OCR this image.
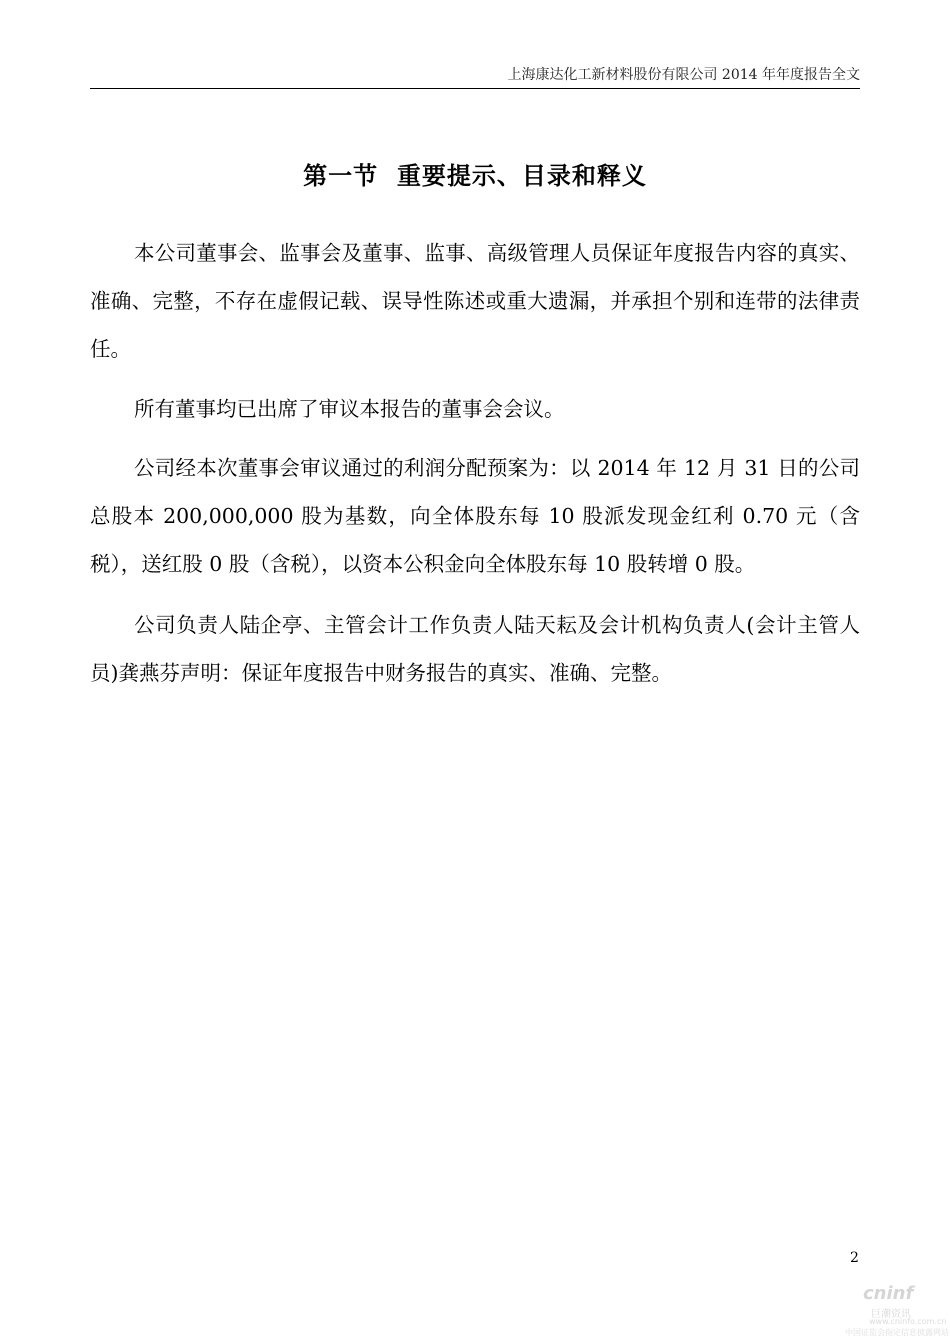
上海康达化工新材料股份有限公司 2014 年年度报告全文
第一节  重要提示、目录和释义

本公司董事会、监事会及董事、监事、高级管理人员保证年度报告内容的真实、准确、完整，不存在虚假记载、误导性陈述或重大遗漏，并承担个别和连带的法律责任。

所有董事均已出席了审议本报告的董事会会议。

公司经本次董事会审议通过的利润分配预案为：以 2014 年 12 月 31 日的公司总股本 200,000,000 股为基数，向全体股东每 10 股派发现金红利 0.70 元（含税），送红股 0 股（含税），以资本公积金向全体股东每 10 股转增 0 股。

公司负责人陆企亭、主管会计工作负责人陆天耘及会计机构负责人(会计主管人员)龚燕芬声明：保证年度报告中财务报告的真实、准确、完整。

2
cninf
巨潮资讯
www.cninfo.com.cn
中国证监会指定信息披露网站
